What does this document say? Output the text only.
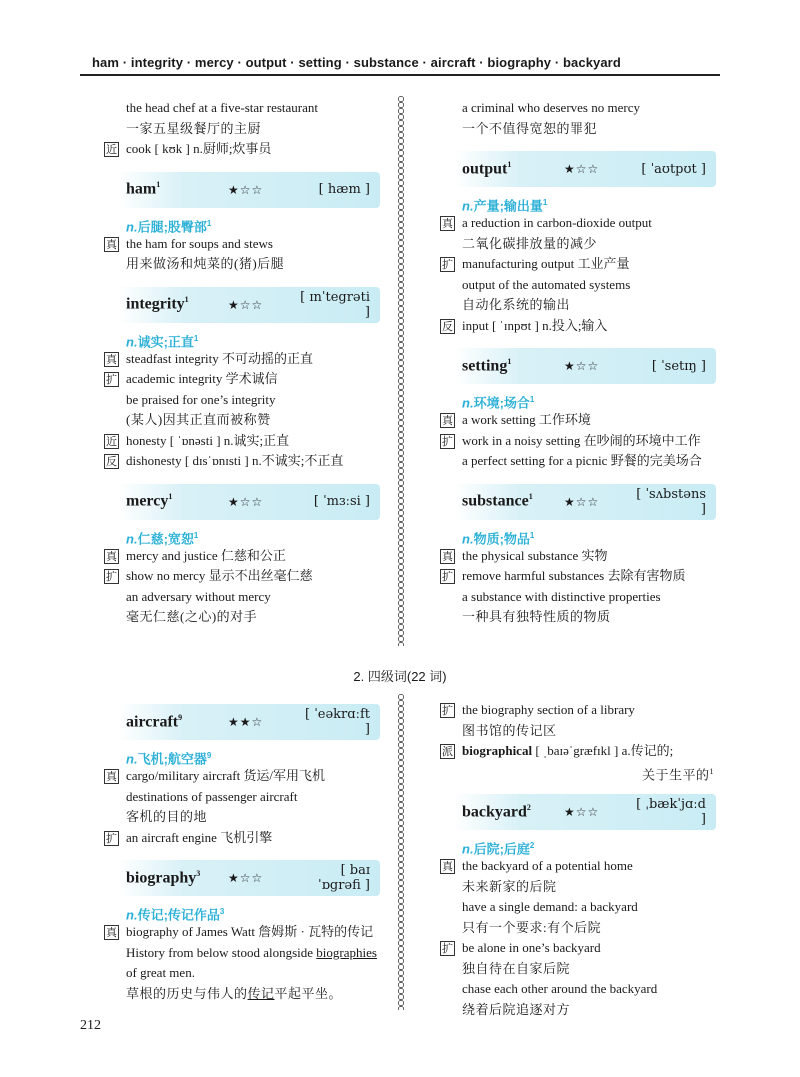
ham · integrity · mercy · output · setting · substance · aircraft · biography · backyard
the head chef at a five-star restaurant
一家五星级餐厅的主厨
近 cook [ kʊk ] n.厨师;炊事员
ham$^1$	★☆☆	[ hæm ]
n.后腿;股臀部$^1$
真 the ham for soups and stews
用来做汤和炖菜的(猪)后腿
integrity$^1$	★☆☆	[ ɪnˈtegrəti ]
n.诚实;正直$^1$
真 steadfast integrity 不可动摇的正直
扩 academic integrity 学术诚信
be praised for one’s integrity
(某人)因其正直而被称赞
近 honesty [ ˈɒnəsti ] n.诚实;正直
反 dishonesty [ dɪsˈɒnɪsti ] n.不诚实;不正直
mercy$^1$	★☆☆	[ ˈmɜːsi ]
n.仁慈;宽恕$^1$
真 mercy and justice 仁慈和公正
扩 show no mercy 显示不出丝毫仁慈
an adversary without mercy
毫无仁慈(之心)的对手
a criminal who deserves no mercy
一个不值得宽恕的罪犯
output$^1$	★☆☆	[ ˈaʊtpʊt ]
n.产量;输出量$^1$
真 a reduction in carbon-dioxide output
二氧化碳排放量的减少
扩 manufacturing output 工业产量
output of the automated systems
自动化系统的输出
反 input [ ˈɪnpʊt ] n.投入;输入
setting$^1$	★☆☆	[ ˈsetɪŋ ]
n.环境;场合$^1$
真 a work setting 工作环境
扩 work in a noisy setting 在吵闹的环境中工作
a perfect setting for a picnic 野餐的完美场合
substance$^1$	★☆☆	[ ˈsʌbstəns ]
n.物质;物品$^1$
真 the physical substance 实物
扩 remove harmful substances 去除有害物质
a substance with distinctive properties
一种具有独特性质的物质
2. 四级词(22 词)
aircraft$^9$	★★☆	[ ˈeəkrɑːft ]
n.飞机;航空器$^9$
真 cargo/military aircraft 货运/军用飞机
destinations of passenger aircraft
客机的目的地
扩 an aircraft engine 飞机引擎
biography$^3$	★☆☆	[ baɪˈɒgrəfi ]
n.传记;传记作品$^3$
真 biography of James Watt 詹姆斯 · 瓦特的传记
History from below stood alongside biographies
of great men.
草根的历史与伟人的传记平起平坐。
扩 the biography section of a library
图书馆的传记区
派 biographical [ ˌbaɪəˈgræfɪkl ] a.传记的;
关于生平的$^1$
backyard$^2$	★☆☆	[ ˌbækˈjɑːd ]
n.后院;后庭$^2$
真 the backyard of a potential home
未来新家的后院
have a single demand: a backyard
只有一个要求:有个后院
扩 be alone in one’s backyard
独自待在自家后院
chase each other around the backyard
绕着后院追逐对方
212
